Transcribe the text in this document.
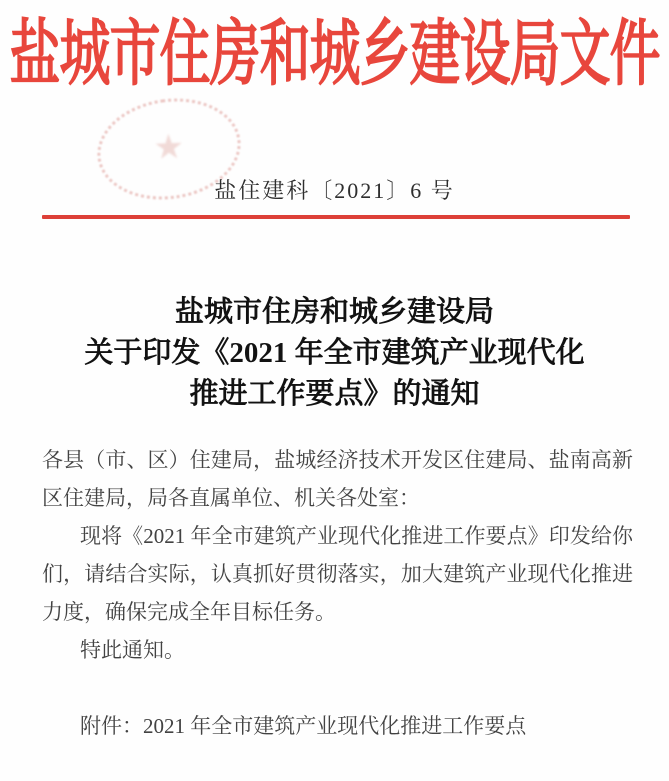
★
盐城市住房和城乡建设局文件
盐住建科〔2021〕6 号
盐城市住房和城乡建设局
关于印发《2021 年全市建筑产业现代化
推进工作要点》的通知

各县（市、区）住建局，盐城经济技术开发区住建局、盐南高新区住建局，局各直属单位、机关各处室：

现将《2021 年全市建筑产业现代化推进工作要点》印发给你们，请结合实际，认真抓好贯彻落实，加大建筑产业现代化推进力度，确保完成全年目标任务。

特此通知。

附件：2021 年全市建筑产业现代化推进工作要点
